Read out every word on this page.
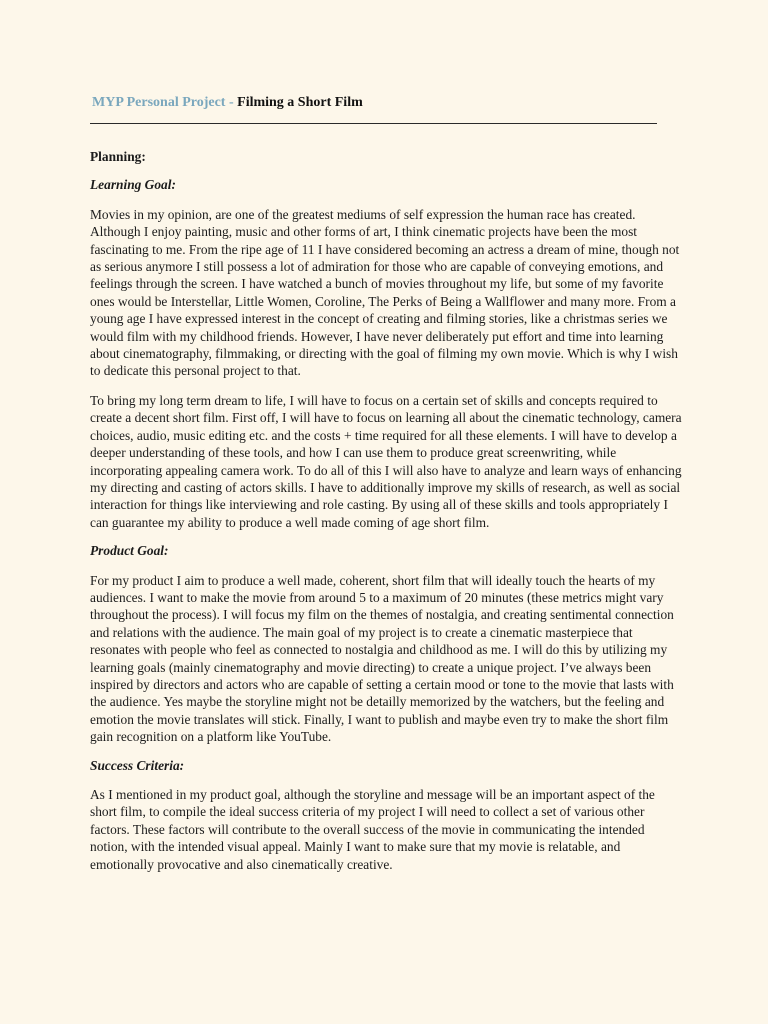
MYP Personal Project - Filming a Short Film
Planning:
Learning Goal:

Movies in my opinion, are one of the greatest mediums of self expression the human race has created. Although I enjoy painting, music and other forms of art, I think cinematic projects have been the most fascinating to me. From the ripe age of 11 I have considered becoming an actress a dream of mine, though not as serious anymore I still possess a lot of admiration for those who are capable of conveying emotions, and feelings through the screen. I have watched a bunch of movies throughout my life, but some of my favorite ones would be Interstellar, Little Women, Coroline, The Perks of Being a Wallflower and many more. From a young age I have expressed interest in the concept of creating and filming stories, like a christmas series we would film with my childhood friends. However, I have never deliberately put effort and time into learning about cinematography, filmmaking, or directing with the goal of filming my own movie. Which is why I wish to dedicate this personal project to that.

To bring my long term dream to life, I will have to focus on a certain set of skills and concepts required to create a decent short film. First off, I will have to focus on learning all about the cinematic technology, camera choices, audio, music editing etc. and the costs + time required for all these elements. I will have to develop a deeper understanding of these tools, and how I can use them to produce great screenwriting, while incorporating appealing camera work. To do all of this I will also have to analyze and learn ways of enhancing my directing and casting of actors skills. I have to additionally improve my skills of research, as well as social interaction for things like interviewing and role casting. By using all of these skills and tools appropriately I can guarantee my ability to produce a well made coming of age short film.

Product Goal:

For my product I aim to produce a well made, coherent, short film that will ideally touch the hearts of my audiences. I want to make the movie from around 5 to a maximum of 20 minutes (these metrics might vary throughout the process). I will focus my film on the themes of nostalgia, and creating sentimental connection and relations with the audience. The main goal of my project is to create a cinematic masterpiece that resonates with people who feel as connected to nostalgia and childhood as me. I will do this by utilizing my learning goals (mainly cinematography and movie directing) to create a unique project. I’ve always been inspired by directors and actors who are capable of setting a certain mood or tone to the movie that lasts with the audience. Yes maybe the storyline might not be detailly memorized by the watchers, but the feeling and emotion the movie translates will stick. Finally, I want to publish and maybe even try to make the short film gain recognition on a platform like YouTube.

Success Criteria:

As I mentioned in my product goal, although the storyline and message will be an important aspect of the short film, to compile the ideal success criteria of my project I will need to collect a set of various other factors. These factors will contribute to the overall success of the movie in communicating the intended notion, with the intended visual appeal. Mainly I want to make sure that my movie is relatable, and emotionally provocative and also cinematically creative.
